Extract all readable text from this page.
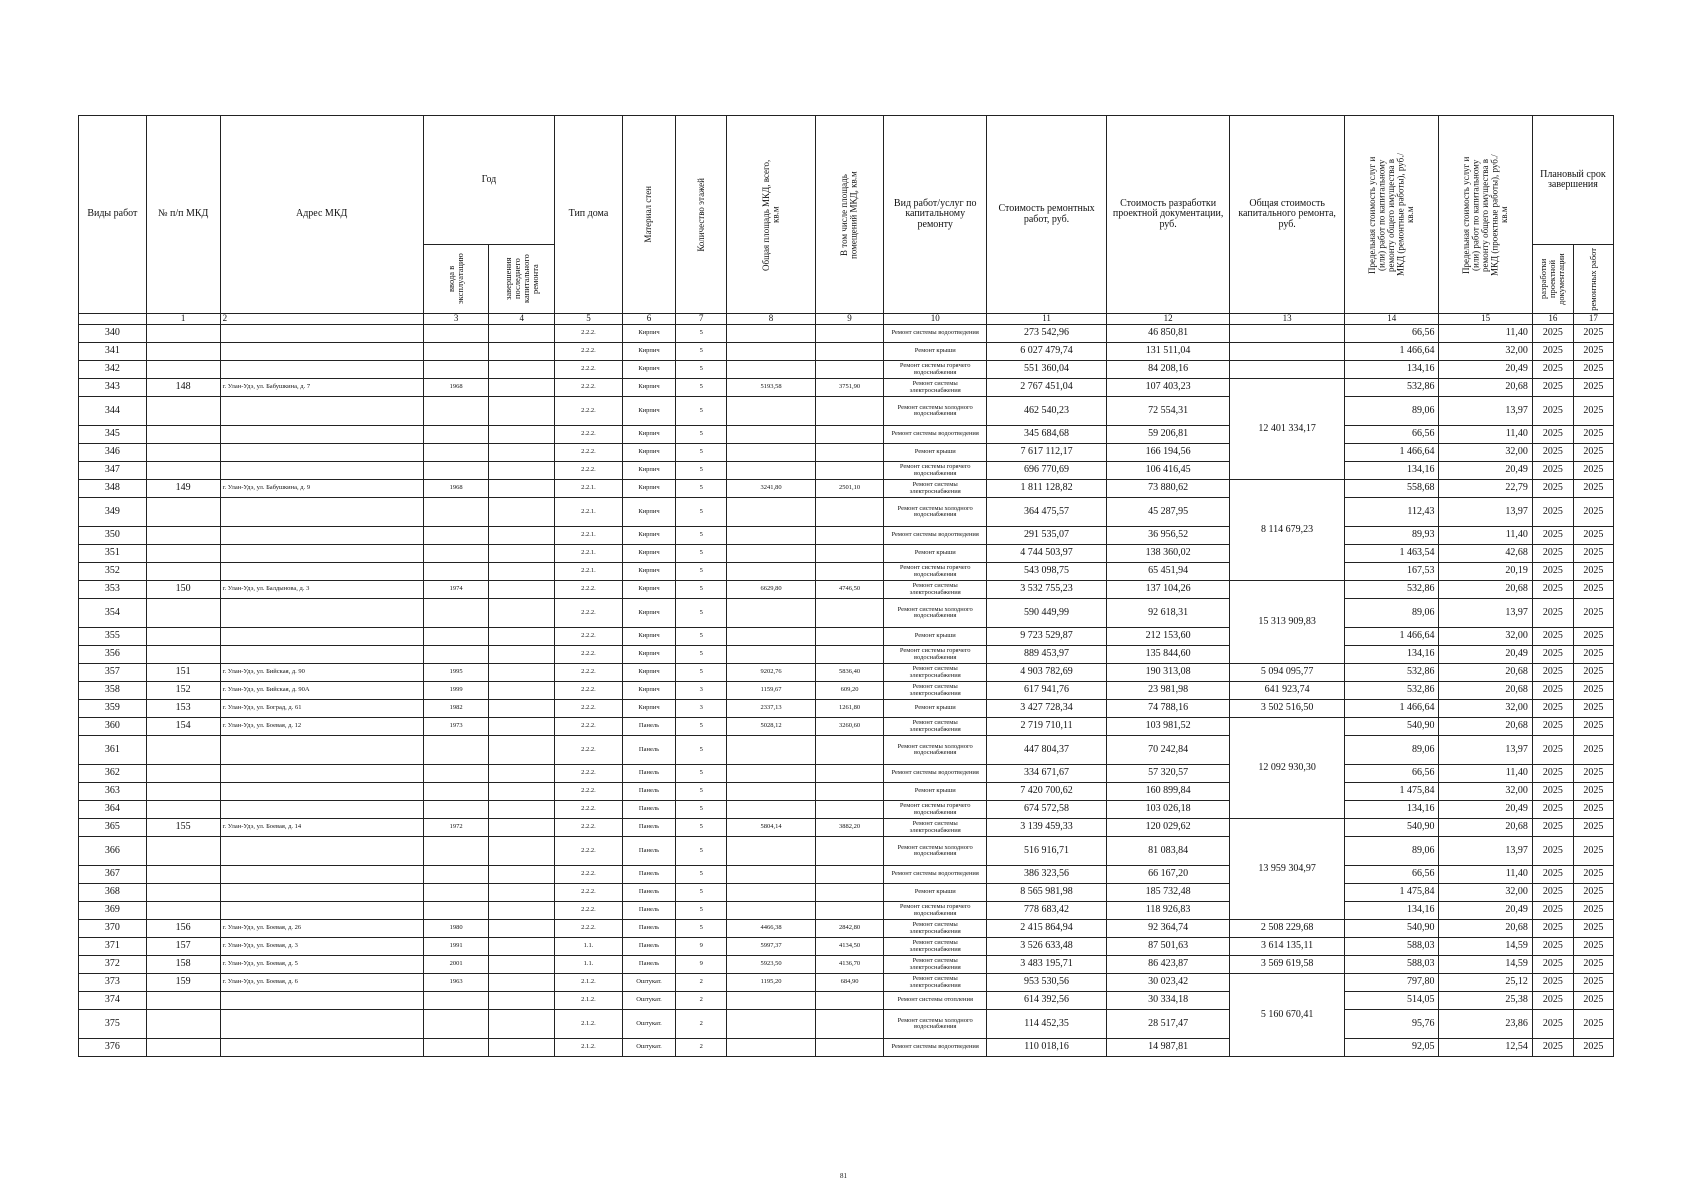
Виды работ	№ п/п МКД	Адрес МКД	Год		Тип дома	Материал стен	Количество этажей	Общая площадь МКД, всего, кв.м	В том числе площадь помещений МКД, кв.м	Вид работ/услуг по капитальному ремонту	Стоимость ремонтных работ, руб.	Стоимость разработки проектной документации, руб.	Общая стоимость капитального ремонта, руб.	Предельная стоимость услуг и (или) работ по капитальному ремонту общего имущества в МКД (ремонтные работы), руб./кв.м	Предельная стоимость услуг и (или) работ по капитальному ремонту общего имущества в МКД (проектные работы), руб./кв.м	Плановый срок завершения	

			ввода в эксплуатацию	завершения последнего капитального ремонта												разработки проектной документации	ремонтных работ

	1	2	3	4	5	6	7	8	9	10	11	12	13	14	15	16	17
340					2.2.2.	Кирпич	5			Ремонт системы водоотведения	273 542,96	46 850,81		66,56	11,40	2025	2025
341					2.2.2.	Кирпич	5			Ремонт крыши	6 027 479,74	131 511,04		1 466,64	32,00	2025	2025
342					2.2.2.	Кирпич	5			Ремонт системы горячего водоснабжения	551 360,04	84 208,16		134,16	20,49	2025	2025
343	148	г. Улан-Удэ, ул. Бабушкина, д. 7	1968		2.2.2.	Кирпич	5	5193,58	3751,90	Ремонт системы электроснабжения	2 767 451,04	107 403,23	12 401 334,17	532,86	20,68	2025	2025
344					2.2.2.	Кирпич	5			Ремонт системы холодного водоснабжения	462 540,23	72 554,31		89,06	13,97	2025	2025
345					2.2.2.	Кирпич	5			Ремонт системы водоотведения	345 684,68	59 206,81		66,56	11,40	2025	2025
346					2.2.2.	Кирпич	5			Ремонт крыши	7 617 112,17	166 194,56		1 466,64	32,00	2025	2025
347					2.2.2.	Кирпич	5			Ремонт системы горячего водоснабжения	696 770,69	106 416,45		134,16	20,49	2025	2025
348	149	г. Улан-Удэ, ул. Бабушкина, д. 9	1968		2.2.1.	Кирпич	5	3241,80	2501,10	Ремонт системы электроснабжения	1 811 128,82	73 880,62	8 114 679,23	558,68	22,79	2025	2025
349					2.2.1.	Кирпич	5			Ремонт системы холодного водоснабжения	364 475,57	45 287,95		112,43	13,97	2025	2025
350					2.2.1.	Кирпич	5			Ремонт системы водоотведения	291 535,07	36 956,52		89,93	11,40	2025	2025
351					2.2.1.	Кирпич	5			Ремонт крыши	4 744 503,97	138 360,02		1 463,54	42,68	2025	2025
352					2.2.1.	Кирпич	5			Ремонт системы горячего водоснабжения	543 098,75	65 451,94		167,53	20,19	2025	2025
353	150	г. Улан-Удэ, ул. Балдынова, д. 3	1974		2.2.2.	Кирпич	5	6629,80	4746,50	Ремонт системы электроснабжения	3 532 755,23	137 104,26	15 313 909,83	532,86	20,68	2025	2025
354					2.2.2.	Кирпич	5			Ремонт системы холодного водоснабжения	590 449,99	92 618,31		89,06	13,97	2025	2025
355					2.2.2.	Кирпич	5			Ремонт крыши	9 723 529,87	212 153,60		1 466,64	32,00	2025	2025
356					2.2.2.	Кирпич	5			Ремонт системы горячего водоснабжения	889 453,97	135 844,60		134,16	20,49	2025	2025
357	151	г. Улан-Удэ, ул. Бийская, д. 90	1995		2.2.2.	Кирпич	5	9202,76	5836,40	Ремонт системы электроснабжения	4 903 782,69	190 313,08	5 094 095,77	532,86	20,68	2025	2025
358	152	г. Улан-Удэ, ул. Бийская, д. 90А	1999		2.2.2.	Кирпич	3	1159,67	609,20	Ремонт системы электроснабжения	617 941,76	23 981,98	641 923,74	532,86	20,68	2025	2025
359	153	г. Улан-Удэ, ул. Боград, д. 61	1982		2.2.2.	Кирпич	3	2337,13	1261,80	Ремонт крыши	3 427 728,34	74 788,16	3 502 516,50	1 466,64	32,00	2025	2025
360	154	г. Улан-Удэ, ул. Боевая, д. 12	1973		2.2.2.	Панель	5	5028,12	3260,60	Ремонт системы электроснабжения	2 719 710,11	103 981,52	12 092 930,30	540,90	20,68	2025	2025
361					2.2.2.	Панель	5			Ремонт системы холодного водоснабжения	447 804,37	70 242,84		89,06	13,97	2025	2025
362					2.2.2.	Панель	5			Ремонт системы водоотведения	334 671,67	57 320,57		66,56	11,40	2025	2025
363					2.2.2.	Панель	5			Ремонт крыши	7 420 700,62	160 899,84		1 475,84	32,00	2025	2025
364					2.2.2.	Панель	5			Ремонт системы горячего водоснабжения	674 572,58	103 026,18		134,16	20,49	2025	2025
365	155	г. Улан-Удэ, ул. Боевая, д. 14	1972		2.2.2.	Панель	5	5804,14	3882,20	Ремонт системы электроснабжения	3 139 459,33	120 029,62	13 959 304,97	540,90	20,68	2025	2025
366					2.2.2.	Панель	5			Ремонт системы холодного водоснабжения	516 916,71	81 083,84		89,06	13,97	2025	2025
367					2.2.2.	Панель	5			Ремонт системы водоотведения	386 323,56	66 167,20		66,56	11,40	2025	2025
368					2.2.2.	Панель	5			Ремонт крыши	8 565 981,98	185 732,48		1 475,84	32,00	2025	2025
369					2.2.2.	Панель	5			Ремонт системы горячего водоснабжения	778 683,42	118 926,83		134,16	20,49	2025	2025
370	156	г. Улан-Удэ, ул. Боевая, д. 26	1980		2.2.2.	Панель	5	4466,38	2842,80	Ремонт системы электроснабжения	2 415 864,94	92 364,74	2 508 229,68	540,90	20,68	2025	2025
371	157	г. Улан-Удэ, ул. Боевая, д. 3	1991		1.1.	Панель	9	5997,37	4134,50	Ремонт системы электроснабжения	3 526 633,48	87 501,63	3 614 135,11	588,03	14,59	2025	2025
372	158	г. Улан-Удэ, ул. Боевая, д. 5	2001		1.1.	Панель	9	5923,50	4136,70	Ремонт системы электроснабжения	3 483 195,71	86 423,87	3 569 619,58	588,03	14,59	2025	2025
373	159	г. Улан-Удэ, ул. Боевая, д. 6	1963		2.1.2.	Оштукат.	2	1195,20	684,90	Ремонт системы электроснабжения	953 530,56	30 023,42	5 160 670,41	797,80	25,12	2025	2025
374					2.1.2.	Оштукат.	2			Ремонт системы отопления	614 392,56	30 334,18		514,05	25,38	2025	2025
375					2.1.2.	Оштукат.	2			Ремонт системы холодного водоснабжения	114 452,35	28 517,47		95,76	23,86	2025	2025
376					2.1.2.	Оштукат.	2			Ремонт системы водоотведения	110 018,16	14 987,81		92,05	12,54	2025	2025
81
